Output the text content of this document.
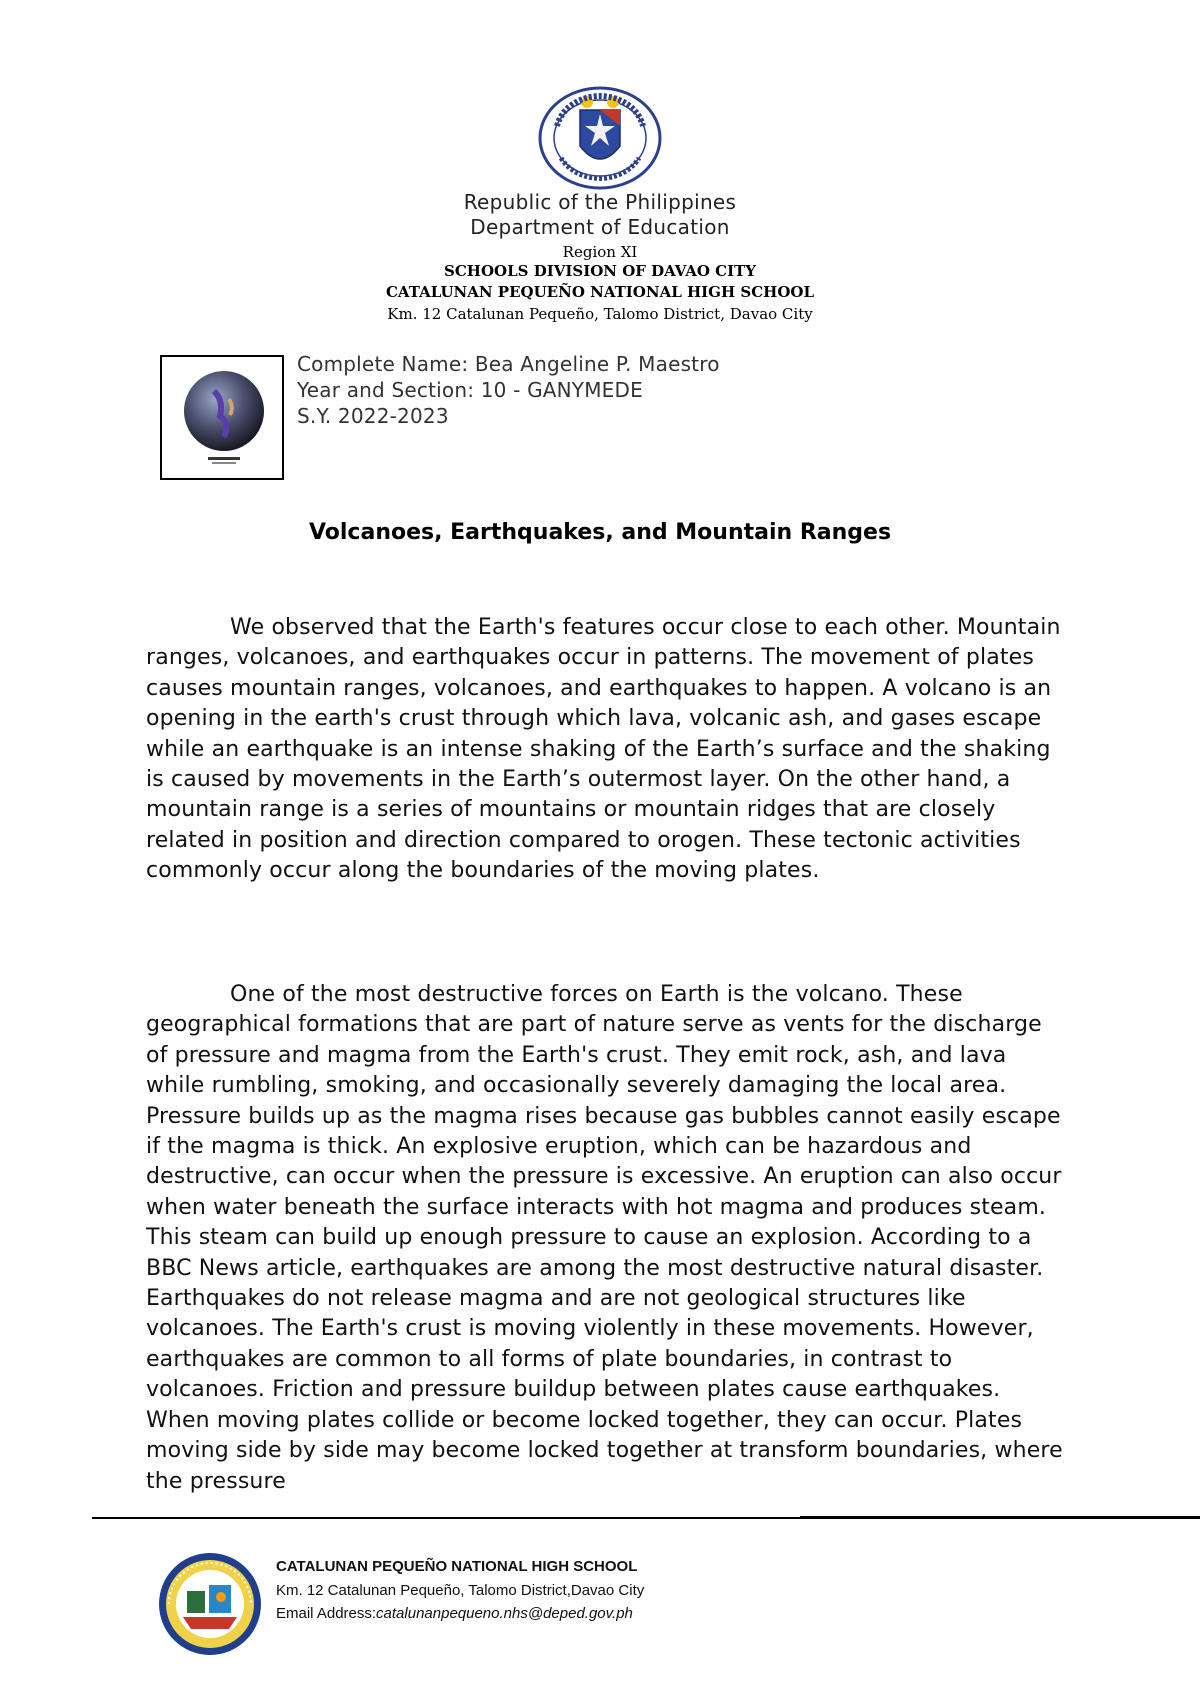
Republic of the Philippines
Department of Education
Region XI
SCHOOLS DIVISION OF DAVAO CITY
CATALUNAN PEQUEÑO NATIONAL HIGH SCHOOL
Km. 12 Catalunan Pequeño, Talomo District, Davao City
Complete Name: Bea Angeline P. Maestro
Year and Section: 10 - GANYMEDE
S.Y. 2022-2023
Volcanoes, Earthquakes, and Mountain Ranges
We observed that the Earth's features occur close to each other. Mountain ranges, volcanoes, and earthquakes occur in patterns. The movement of plates causes mountain ranges, volcanoes, and earthquakes to happen. A volcano is an opening in the earth's crust through which lava, volcanic ash, and gases escape while an earthquake is an intense shaking of the Earth’s surface and the shaking is caused by movements in the Earth’s outermost layer. On the other hand, a mountain range is a series of mountains or mountain ridges that are closely related in position and direction compared to orogen. These tectonic activities commonly occur along the boundaries of the moving plates.
One of the most destructive forces on Earth is the volcano. These geographical formations that are part of nature serve as vents for the discharge of pressure and magma from the Earth's crust. They emit rock, ash, and lava while rumbling, smoking, and occasionally severely damaging the local area. Pressure builds up as the magma rises because gas bubbles cannot easily escape if the magma is thick. An explosive eruption, which can be hazardous and destructive, can occur when the pressure is excessive. An eruption can also occur when water beneath the surface interacts with hot magma and produces steam. This steam can build up enough pressure to cause an explosion. According to a BBC News article, earthquakes are among the most destructive natural disaster. Earthquakes do not release magma and are not geological structures like volcanoes. The Earth's crust is moving violently in these movements. However, earthquakes are common to all forms of plate boundaries, in contrast to volcanoes. Friction and pressure buildup between plates cause earthquakes. When moving plates collide or become locked together, they can occur. Plates moving side by side may become locked together at transform boundaries, where the pressure
CATALUNAN PEQUEÑO NATIONAL HIGH SCHOOL
Km. 12 Catalunan Pequeño, Talomo District,Davao City
Email Address:catalunanpequeno.nhs@deped.gov.ph
